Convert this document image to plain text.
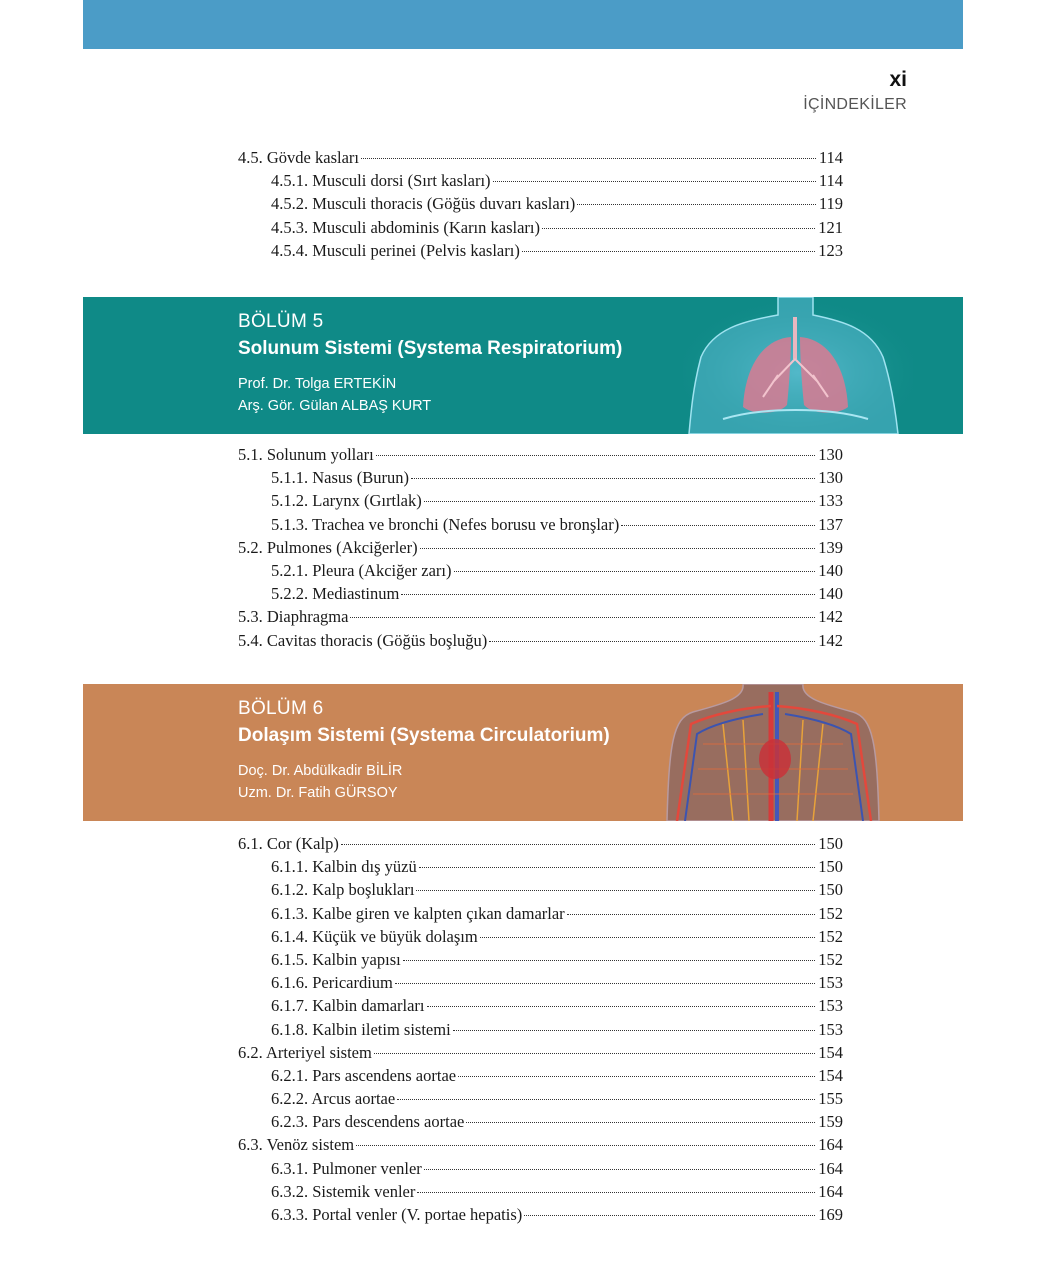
xi
İÇİNDEKİLER
4.5. Gövde kasları	114
4.5.1. Musculi dorsi (Sırt kasları)	114
4.5.2. Musculi thoracis (Göğüs duvarı kasları)	119
4.5.3. Musculi abdominis (Karın kasları)	121
4.5.4. Musculi perinei (Pelvis kasları)	123
BÖLÜM 5
Solunum Sistemi (Systema Respiratorium)
Prof. Dr. Tolga ERTEKİN
Arş. Gör. Gülan ALBAŞ KURT
5.1. Solunum yolları	130
5.1.1. Nasus (Burun)	130
5.1.2. Larynx (Gırtlak)	133
5.1.3. Trachea ve bronchi (Nefes borusu ve bronşlar)	137
5.2. Pulmones (Akciğerler)	139
5.2.1. Pleura (Akciğer zarı)	140
5.2.2. Mediastinum	140
5.3. Diaphragma	142
5.4. Cavitas thoracis (Göğüs boşluğu)	142
BÖLÜM 6
Dolaşım Sistemi (Systema Circulatorium)
Doç. Dr. Abdülkadir BİLİR
Uzm. Dr. Fatih GÜRSOY
6.1. Cor (Kalp)	150
6.1.1. Kalbin dış yüzü	150
6.1.2. Kalp boşlukları	150
6.1.3. Kalbe giren ve kalpten çıkan damarlar	152
6.1.4. Küçük ve büyük dolaşım	152
6.1.5. Kalbin yapısı	152
6.1.6. Pericardium	153
6.1.7. Kalbin damarları	153
6.1.8. Kalbin iletim sistemi	153
6.2. Arteriyel sistem	154
6.2.1. Pars ascendens aortae	154
6.2.2. Arcus aortae	155
6.2.3. Pars descendens aortae	159
6.3. Venöz sistem	164
6.3.1. Pulmoner venler	164
6.3.2. Sistemik venler	164
6.3.3. Portal venler (V. portae hepatis)	169
